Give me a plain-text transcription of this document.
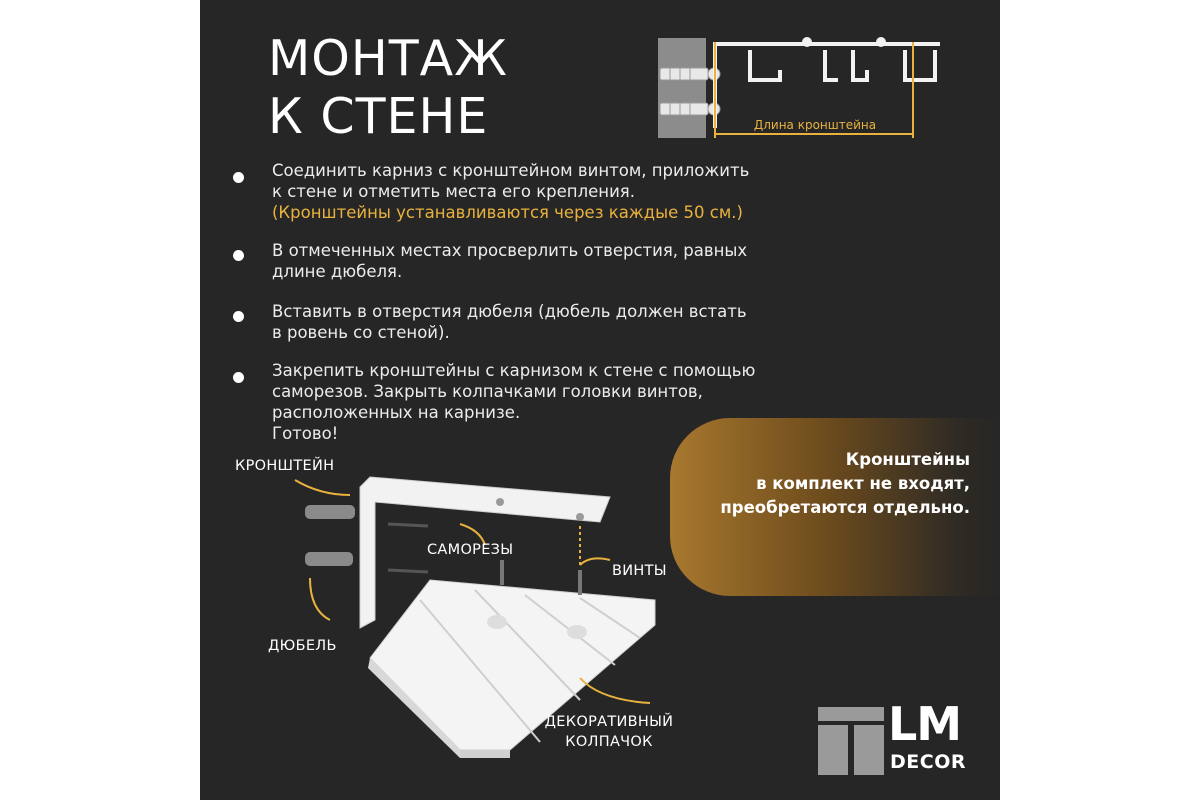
МОНТАЖ
К СТЕНЕ	Длина кронштейна
Соединить карниз с кронштейном винтом, приложить
к стене и отметить места его крепления.
(Кронштейны устанавливаются через каждые 50 см.)
В отмеченных местах просверлить отверстия, равных
длине дюбеля.
Вставить в отверстия дюбеля (дюбель должен встать
в ровень со стеной).
Закрепить кронштейны с карнизом к стене с помощью
саморезов. Закрыть колпачками головки винтов,
расположенных на карнизе.
Готово!
Кронштейны
в комплект не входят,
преобретаются отдельно.
КРОНШТЕЙН
САМОРЕЗЫ
ВИНТЫ
ДЮБЕЛЬ
ДЕКОРАТИВНЫЙ
КОЛПАЧОК	LM
DECOR
